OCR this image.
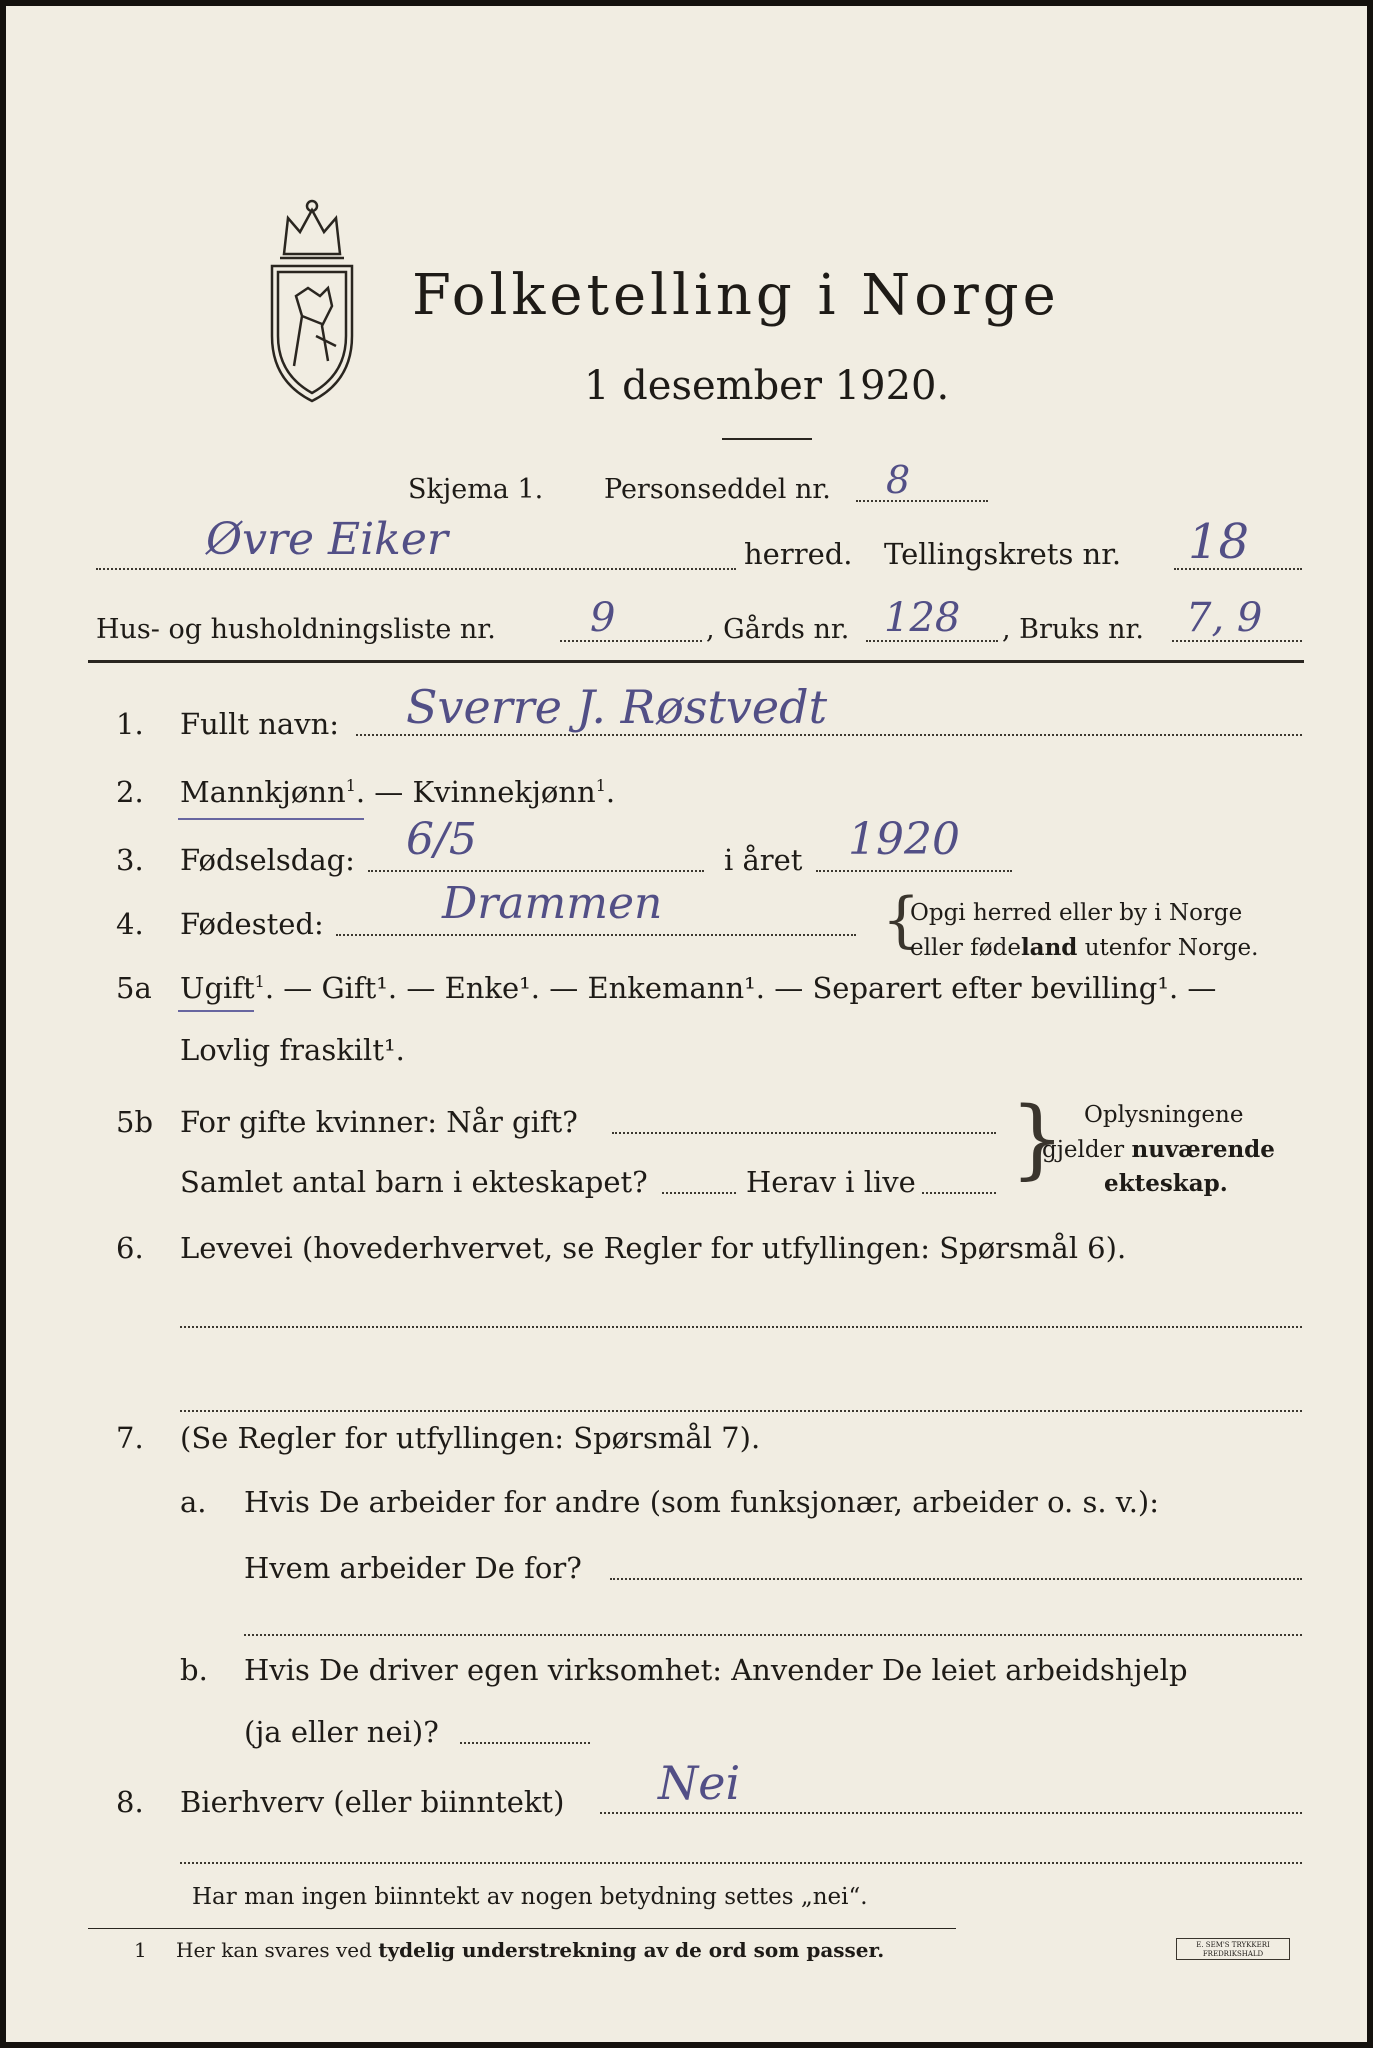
Folketelling i Norge
1 desember 1920.
Skjema 1. Personseddel nr. 8
Øvre Eiker	herred. Tellingskrets nr. 18
Hus- og husholdningsliste nr. 9	, Gårds nr. 128 , Bruks nr. 7, 9
1. Fullt navn: Sverre J. Røstvedt
2. Mannkjønn$^1$. — Kvinnekjønn$^1$.
3. Fødselsdag: 6/5	i året 1920
4. Fødested:	Drammen	{
Opgi herred eller by i Norge
eller fødeland utenfor Norge.
5a Ugift$^1$. — Gift¹. — Enke¹. — Enkemann¹. — Separert efter bevilling¹. —
Lovlig fraskilt¹.
5b For gifte kvinner: Når gift?
Samlet antal barn i ekteskapet?	Herav i live } Oplysningene
gjelder nuværende
ekteskap.
6. Levevei (hovederhvervet, se Regler for utfyllingen: Spørsmål 6).
7. (Se Regler for utfyllingen: Spørsmål 7).
a. Hvis De arbeider for andre (som funksjonær, arbeider o. s. v.):
Hvem arbeider De for?
b. Hvis De driver egen virksomhet: Anvender De leiet arbeidshjelp
(ja eller nei)?
8. Bierhverv (eller biinntekt) Nei
Har man ingen biinntekt av nogen betydning settes „nei“.
1 Her kan svares ved tydelig understrekning av de ord som passer.	E. SEM'S TRYKKERI FREDRIKSHALD
